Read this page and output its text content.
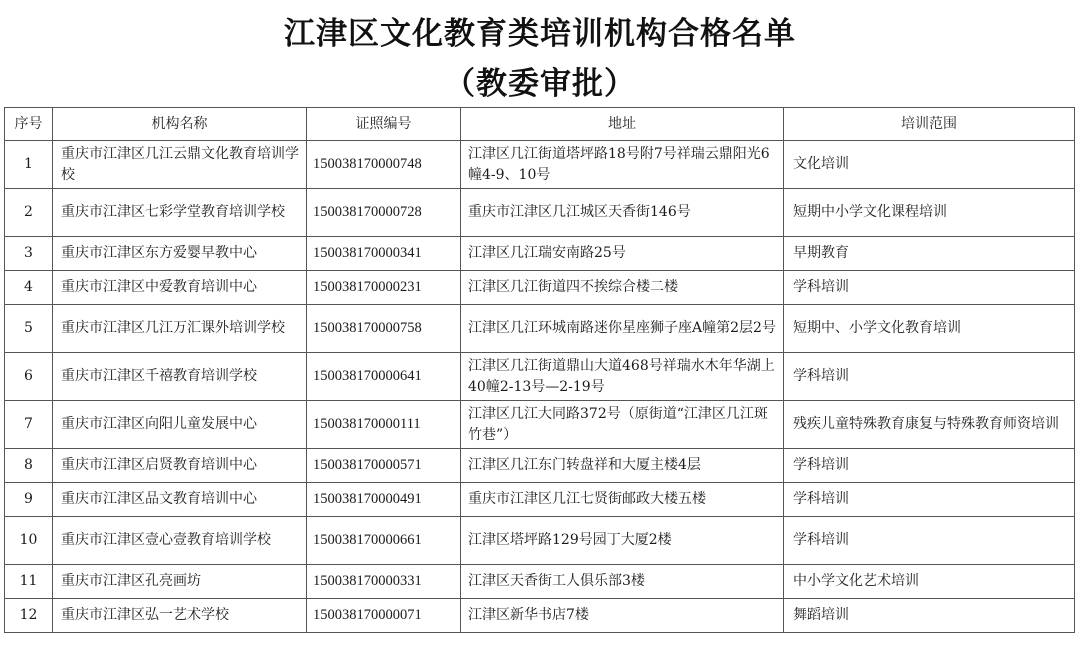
江津区文化教育类培训机构合格名单
（教委审批）
序号	机构名称	证照编号	地址	培训范围
1	重庆市江津区几江云鼎文化教育培训学校	150038170000748	江津区几江街道塔坪路18号附7号祥瑞云鼎阳光6幢4-9、10号	文化培训
2	重庆市江津区七彩学堂教育培训学校	150038170000728	重庆市江津区几江城区天香街146号	短期中小学文化课程培训
3	重庆市江津区东方爱婴早教中心	150038170000341	江津区几江瑞安南路25号	早期教育
4	重庆市江津区中爱教育培训中心	150038170000231	江津区几江街道四不挨综合楼二楼	学科培训
5	重庆市江津区几江万汇课外培训学校	150038170000758	江津区几江环城南路迷你星座狮子座A幢第2层2号	短期中、小学文化教育培训
6	重庆市江津区千禧教育培训学校	150038170000641	江津区几江街道鼎山大道468号祥瑞水木年华湖上40幢2-13号—2-19号	学科培训
7	重庆市江津区向阳儿童发展中心	150038170000111	江津区几江大同路372号（原街道“江津区几江斑竹巷”）	残疾儿童特殊教育康复与特殊教育师资培训
8	重庆市江津区启贤教育培训中心	150038170000571	江津区几江东门转盘祥和大厦主楼4层	学科培训
9	重庆市江津区品文教育培训中心	150038170000491	重庆市江津区几江七贤街邮政大楼五楼	学科培训
10	重庆市江津区壹心壹教育培训学校	150038170000661	江津区塔坪路129号园丁大厦2楼	学科培训
11	重庆市江津区孔亮画坊	150038170000331	江津区天香街工人俱乐部3楼	中小学文化艺术培训
12	重庆市江津区弘一艺术学校	150038170000071	江津区新华书店7楼	舞蹈培训
